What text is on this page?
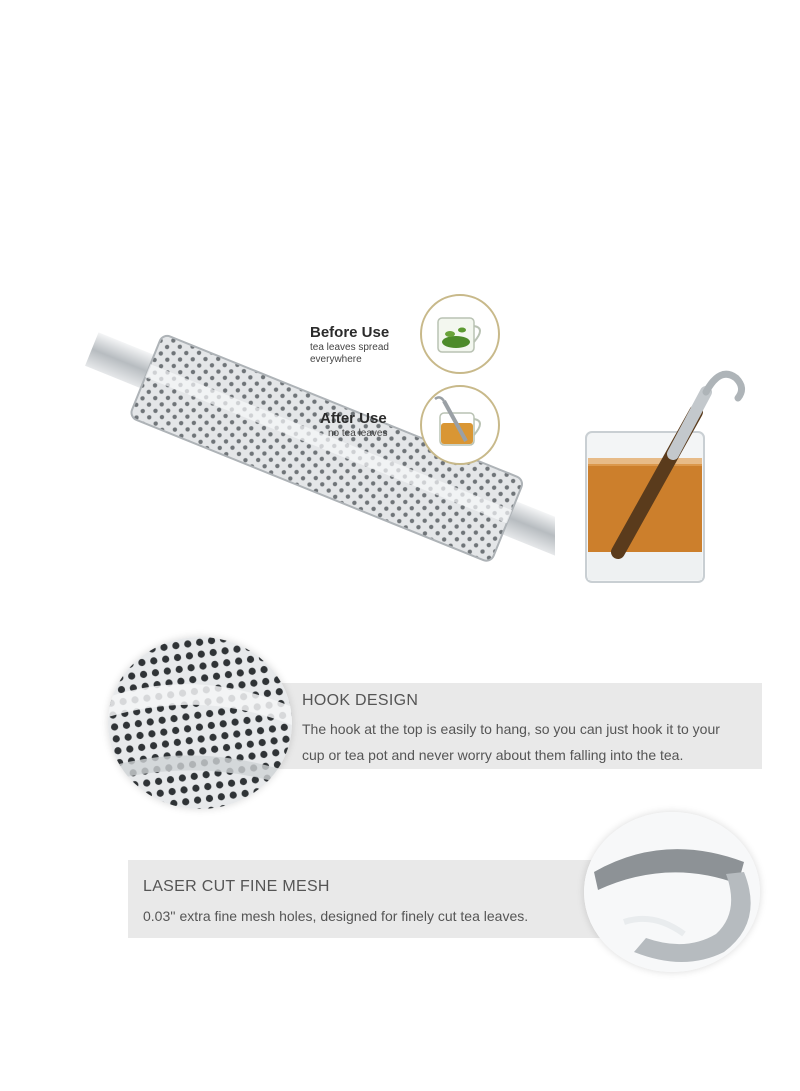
Before Use
tea leaves spread
everywhere
After Use
no tea leaves
HOOK DESIGN
The hook at the top is easily to hang, so you can just hook it to your
cup or tea pot and never worry about them falling into the tea.
LASER CUT FINE MESH
0.03'' extra fine mesh holes, designed for finely cut tea leaves.
